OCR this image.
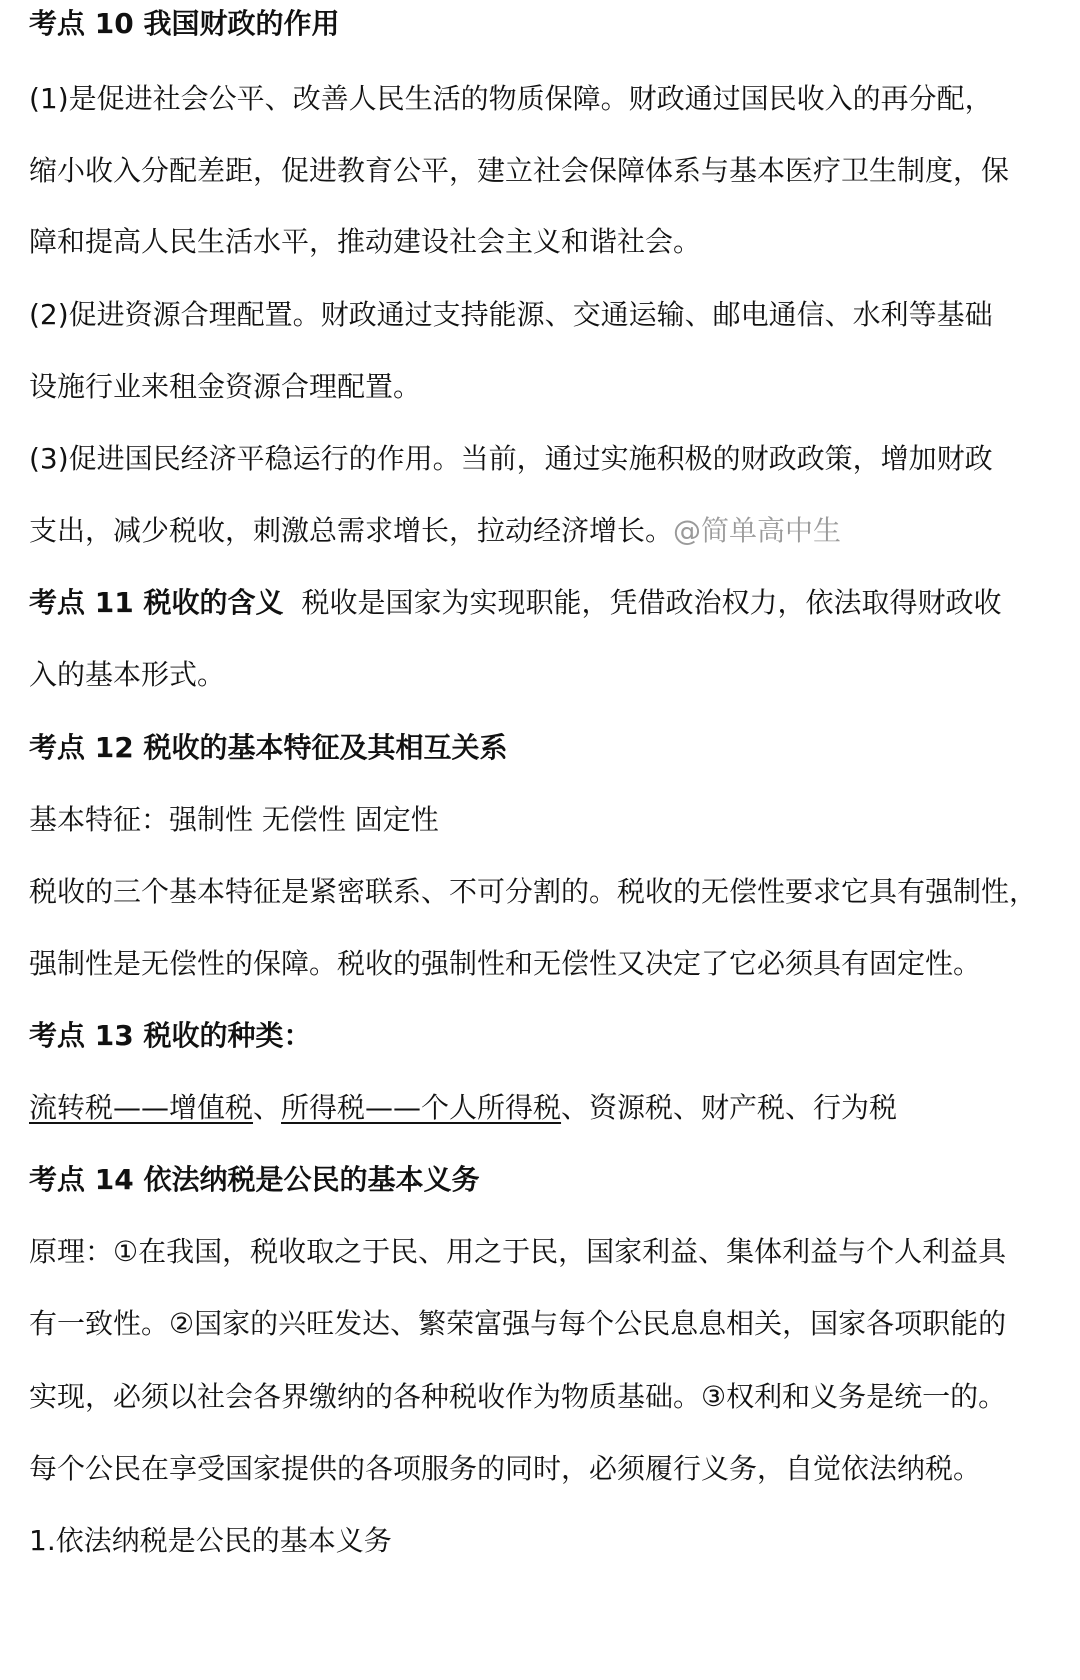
考点 10 我国财政的作用
(1)是促进社会公平、改善人民生活的物质保障。财政通过国民收入的再分配，
缩小收入分配差距，促进教育公平，建立社会保障体系与基本医疗卫生制度，保
障和提高人民生活水平，推动建设社会主义和谐社会。
(2)促进资源合理配置。财政通过支持能源、交通运输、邮电通信、水利等基础
设施行业来租金资源合理配置。
(3)促进国民经济平稳运行的作用。当前，通过实施积极的财政政策，增加财政
支出，减少税收，刺激总需求增长，拉动经济增长。@简单高中生
考点 11 税收的含义 税收是国家为实现职能，凭借政治权力，依法取得财政收
入的基本形式。
考点 12 税收的基本特征及其相互关系
基本特征：强制性 无偿性 固定性
税收的三个基本特征是紧密联系、不可分割的。税收的无偿性要求它具有强制性，
强制性是无偿性的保障。税收的强制性和无偿性又决定了它必须具有固定性。
考点 13 税收的种类：
流转税——增值税、所得税——个人所得税、资源税、财产税、行为税
考点 14 依法纳税是公民的基本义务
原理：①在我国，税收取之于民、用之于民，国家利益、集体利益与个人利益具
有一致性。②国家的兴旺发达、繁荣富强与每个公民息息相关，国家各项职能的
实现，必须以社会各界缴纳的各种税收作为物质基础。③权利和义务是统一的。
每个公民在享受国家提供的各项服务的同时，必须履行义务，自觉依法纳税。
1.依法纳税是公民的基本义务
